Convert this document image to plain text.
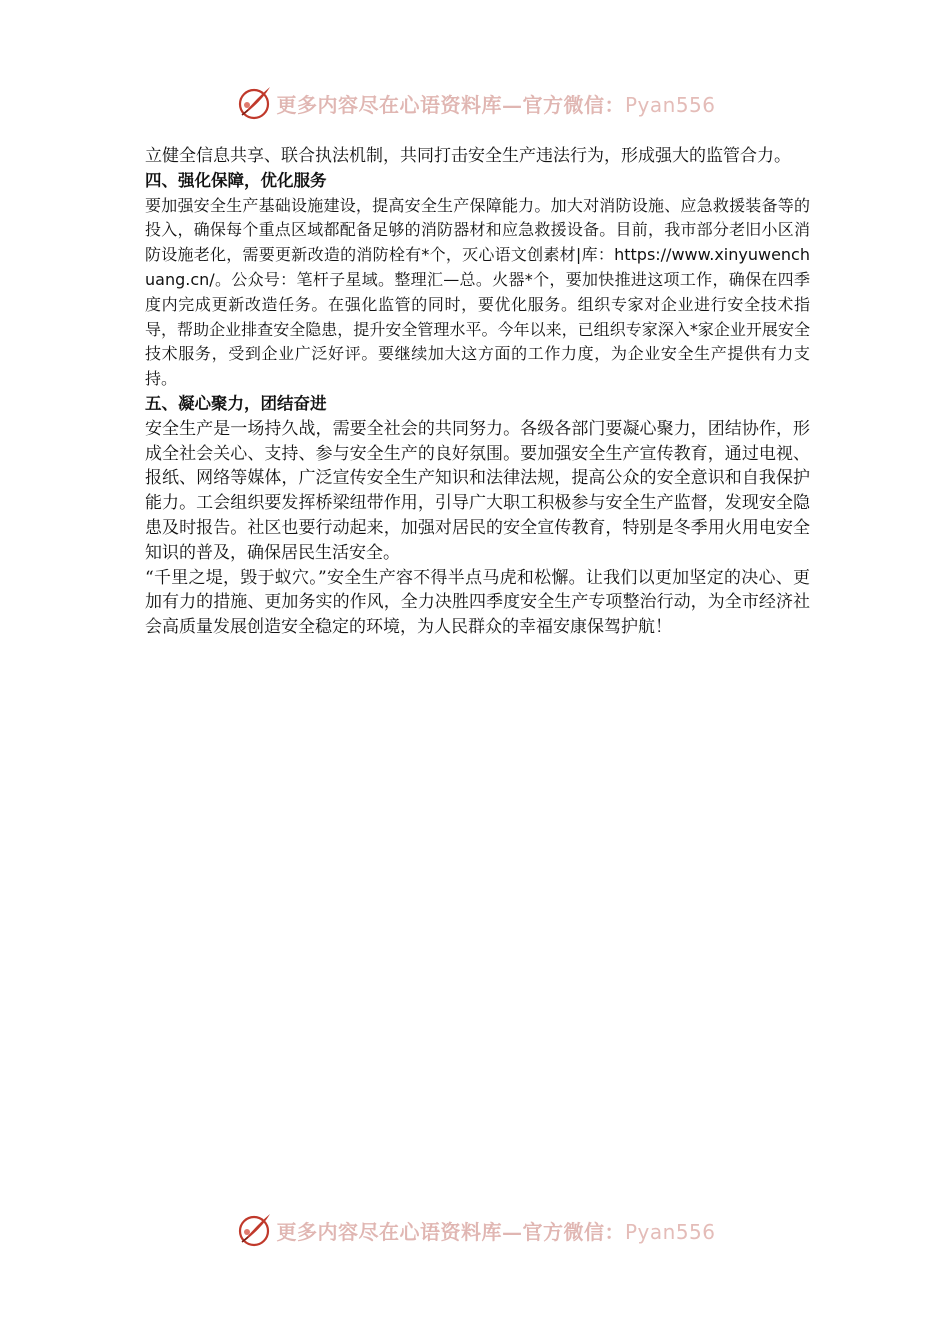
更多内容尽在心语资料库—官方微信：Pyan556

立健全信息共享、联合执法机制，共同打击安全生产违法行为，形成强大的监管合力。

四、强化保障，优化服务

要加强安全生产基础设施建设，提高安全生产保障能力。加大对消防设施、应急救援装备等的投入，确保每个重点区域都配备足够的消防器材和应急救援设备。目前，我市部分老旧小区消防设施老化，需要更新改造的消防栓有*个，灭心语文创素材|库：https://www.xinyuwenchuang.cn/。公众号：笔杆子星域。整理汇—总。火器*个，要加快推进这项工作，确保在四季度内完成更新改造任务。在强化监管的同时，要优化服务。组织专家对企业进行安全技术指导，帮助企业排查安全隐患，提升安全管理水平。今年以来，已组织专家深入*家企业开展安全技术服务，受到企业广泛好评。要继续加大这方面的工作力度，为企业安全生产提供有力支持。

五、凝心聚力，团结奋进

安全生产是一场持久战，需要全社会的共同努力。各级各部门要凝心聚力，团结协作，形成全社会关心、支持、参与安全生产的良好氛围。要加强安全生产宣传教育，通过电视、报纸、网络等媒体，广泛宣传安全生产知识和法律法规，提高公众的安全意识和自我保护能力。工会组织要发挥桥梁纽带作用，引导广大职工积极参与安全生产监督，发现安全隐患及时报告。社区也要行动起来，加强对居民的安全宣传教育，特别是冬季用火用电安全知识的普及，确保居民生活安全。

“千里之堤，毁于蚁穴。”安全生产容不得半点马虎和松懈。让我们以更加坚定的决心、更加有力的措施、更加务实的作风，全力决胜四季度安全生产专项整治行动，为全市经济社会高质量发展创造安全稳定的环境，为人民群众的幸福安康保驾护航！

更多内容尽在心语资料库—官方微信：Pyan556
